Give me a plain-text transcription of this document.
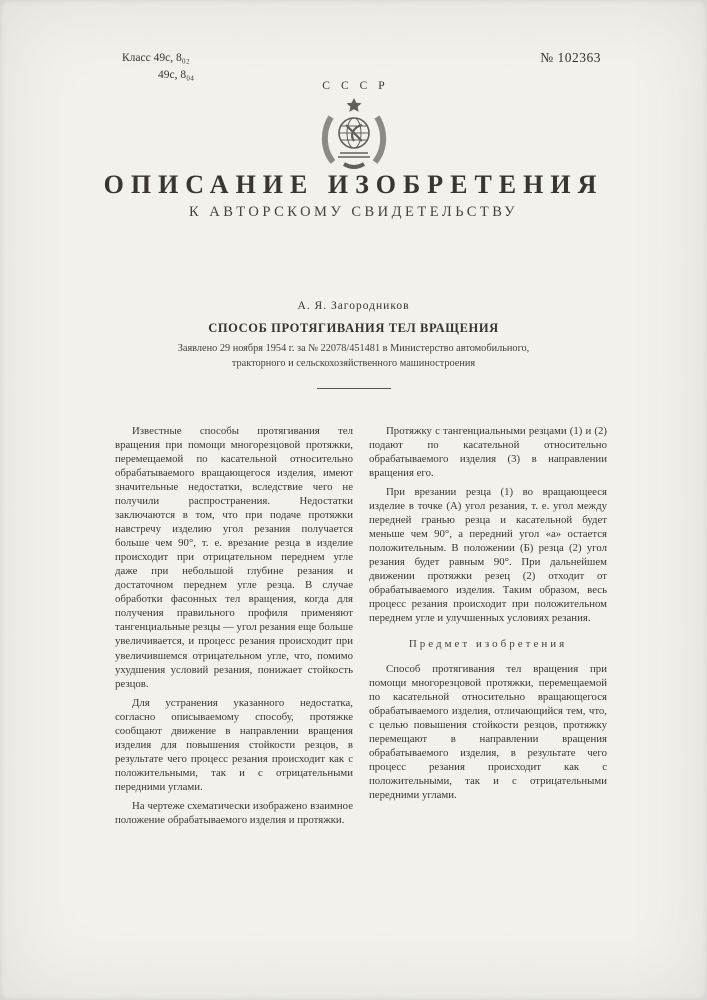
Класс 49с, 8₀₂
49с, 8₀₄
№ 102363
СССР
ОПИСАНИЕ ИЗОБРЕТЕНИЯ
К АВТОРСКОМУ СВИДЕТЕЛЬСТВУ
А. Я. Загородников
СПОСОБ ПРОТЯГИВАНИЯ ТЕЛ ВРАЩЕНИЯ
Заявлено 29 ноября 1954 г. за № 22078/451481 в Министерство автомобильного,
тракторного и сельскохозяйственного машиностроения

Известные способы протягивания тел вращения при помощи многорезцовой протяжки, перемещаемой по касательной относительно обрабатываемого вращающегося изделия, имеют значительные недостатки, вследствие чего не получили распространения. Недостатки заключаются в том, что при подаче протяжки навстречу изделию угол резания получается больше чем 90°, т. е. врезание резца в изделие происходит при отрицательном переднем угле даже при небольшой глубине резания и достаточном переднем угле резца. В случае обработки фасонных тел вращения, когда для получения правильного профиля применяют тангенциальные резцы — угол резания еще больше увеличивается, и процесс резания происходит при увеличившемся отрицательном угле, что, помимо ухудшения условий резания, понижает стойкость резцов.

Для устранения указанного недостатка, согласно описываемому способу, протяжке сообщают движение в направлении вращения изделия для повышения стойкости резцов, в результате чего процесс резания происходит как с положительными, так и с отрицательными передними углами.

На чертеже схематически изображено взаимное положение обрабатываемого изделия и протяжки.

Протяжку с тангенциальными резцами (1) и (2) подают по касательной относительно обрабатываемого изделия (3) в направлении вращения его.

При врезании резца (1) во вращающееся изделие в точке (А) угол резания, т. е. угол между передней гранью резца и касательной будет меньше чем 90°, а передний угол «а» остается положительным. В положении (Б) резца (2) угол резания будет равным 90°. При дальнейшем движении протяжки резец (2) отходит от обрабатываемого изделия. Таким образом, весь процесс резания происходит при положительном переднем угле и улучшенных условиях резания.

Предмет изобретения

Способ протягивания тел вращения при помощи многорезцовой протяжки, перемещаемой по касательной относительно вращающегося обрабатываемого изделия, отличающийся тем, что, с целью повышения стойкости резцов, протяжку перемещают в направлении вращения обрабатываемого изделия, в результате чего процесс резания происходит как с положительными, так и с отрицательными передними углами.
